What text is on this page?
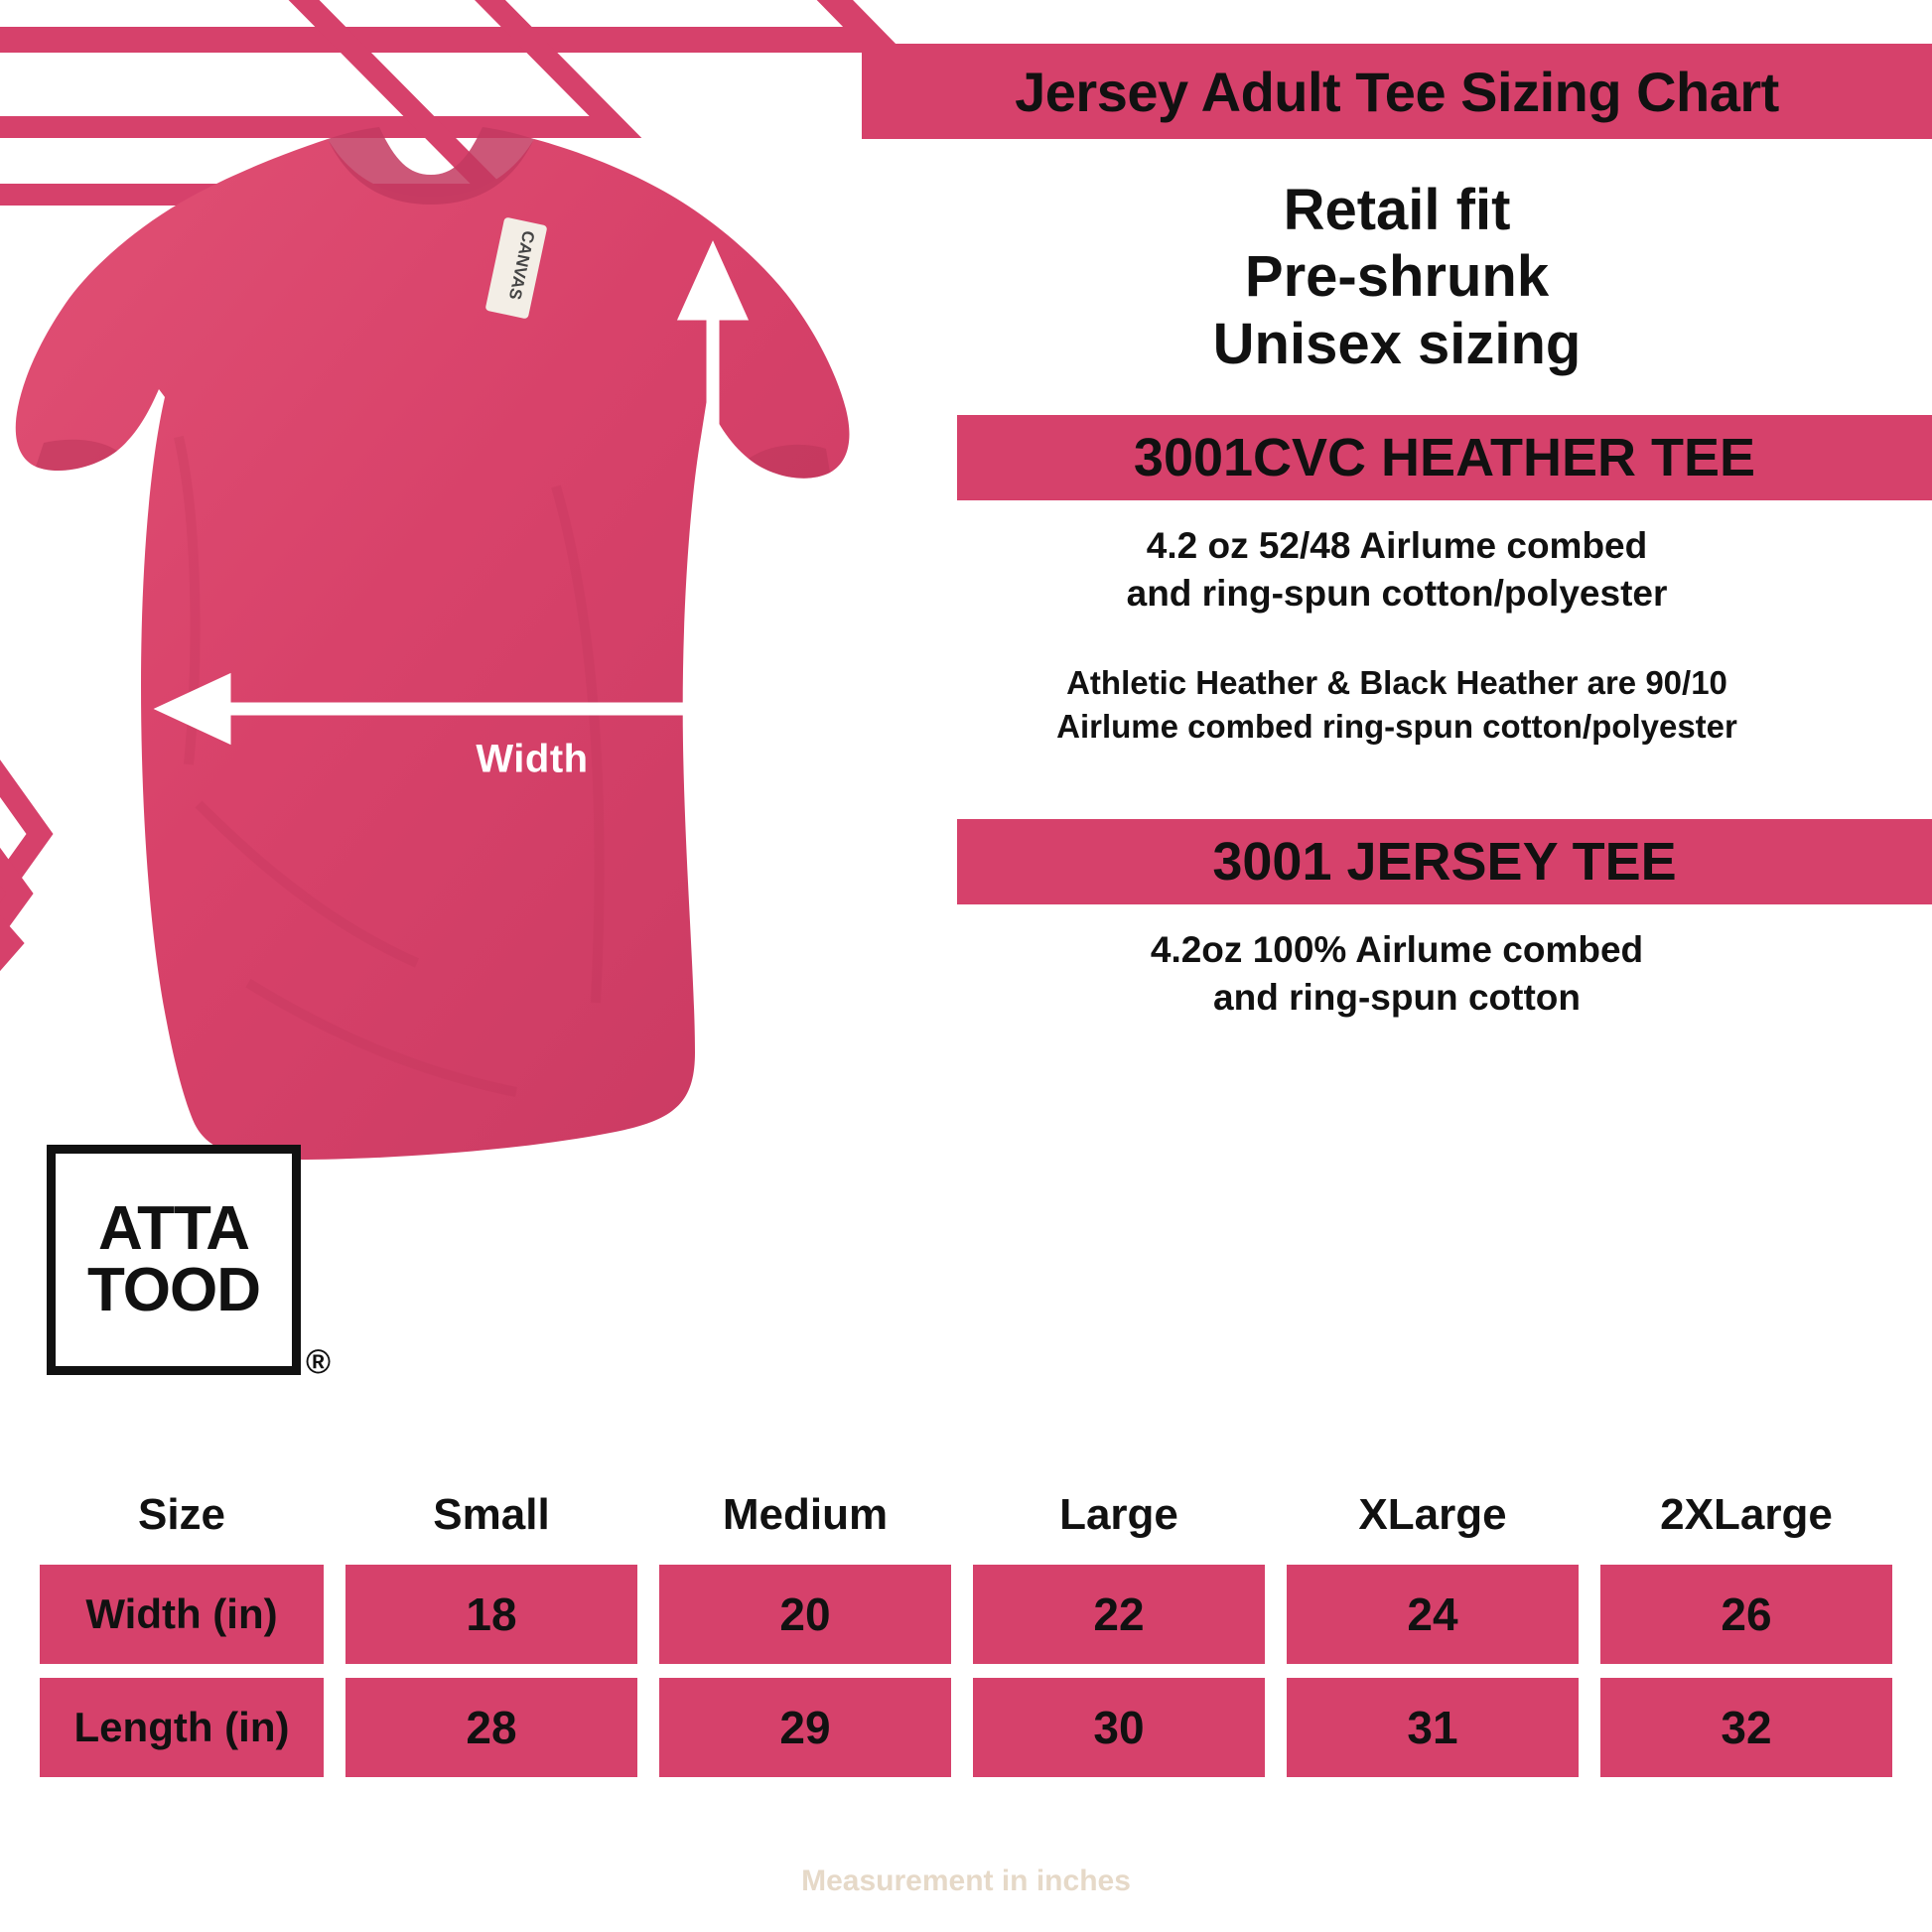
Jersey Adult Tee Sizing Chart
CANVAS
Width
Length
Retail fit
Pre-shrunk
Unisex sizing
3001CVC HEATHER TEE
4.2 oz 52/48 Airlume combed
and ring-spun cotton/polyester
Athletic Heather & Black Heather are 90/10
Airlume combed ring-spun cotton/polyester
3001 JERSEY TEE
4.2oz 100% Airlume combed
and ring-spun cotton
ATTA
TOOD
®
Size	Small	Medium	Large	XLarge	2XLarge
Width (in)	18	20	22	24	26
Length (in)	28	29	30	31	32
Measurement in inches
